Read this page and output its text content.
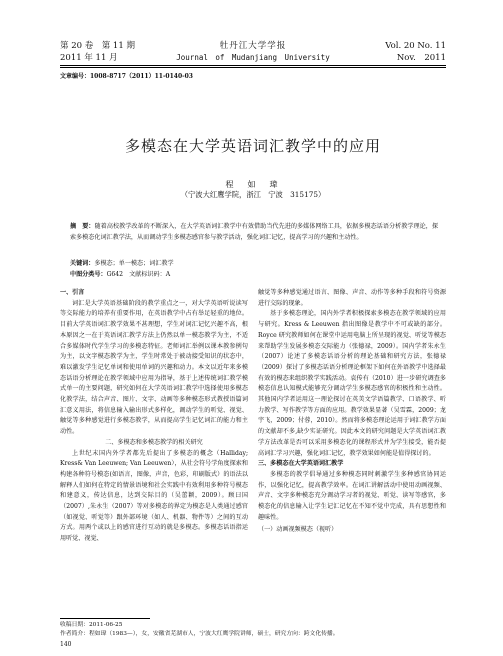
第 20 卷　第 11 期
2011 年 11 月
牡丹江大学学报
Journal　of　Mudanjiang　University
Vol. 20 No. 11
Nov.　2011
文章编号：1008-8717（2011）11-0140-03
多模态在大学英语词汇教学中的应用
程　如　瑋
（宁波大红鹰学院，浙江　宁波　315175）
摘　要：随着高校教学改革的不断深入，在大学英语词汇教学中有效借助当代先进的多媒体网络工具，依据多模态话语分析教学理论，探索多模态化词汇教学法，从而调动学生多模态感官参与教学活动，强化词汇记忆，提高学习的兴趣和主动性。
关键词：多模态；单一模态；词汇教学
中图分类号：G642　文献标识码：A

一、引言

词汇是大学英语基础阶段的教学重点之一，对大学英语听说读写等交际能力的培养有重要作用，在英语教学中占有举足轻重的地位。目前大学英语词汇教学效果不甚理想，学生对词汇记忆兴趣不高，根本原因之一在于英语词汇教学方法上仍然以单一模态教学为主，不适合多媒体时代学生学习的多模态特征。老师词汇举例以课本教参例句为主，以文字模态教学为主，学生时常处于被动接受知识的状态中，难以激发学生记忆单词和使用单词的兴趣和动力。本文以近年来多模态话语分析理论在教学领域中应用为指导，基于上述传统词汇教学模式单一的主要问题，研究如何在大学英语词汇教学中选择使用多模态化教学法，结合声音、图片、文字、动画等多种模态形式教授语篇词汇意义用法，将信息输入输出形式多样化，调动学生的听觉、视觉、触觉等多种感觉进行多模态教学，从而提高学生记忆词汇的能力和主动性。

二、多模态和多模态教学的相关研究

上世纪末国内外学者都先后提出了多模态的概念（Halliday; Kress& Van Leeuwen; Van Leeuwen），从社会符号学角度探索和构建各种符号模态(如语言，图像，声音，色彩，印刷版式）的语法以解释人们如何在特定的情景语境和社会实践中有效利用多种符号模态和建意义，传达信息，达到交际目的（吴蕾颖，2009）。顾曰国（2007）,朱永生（2007）等对多模态的界定为模态是人类通过感官（如视觉、听觉等）跟外部环境（如人、机器、物件等）之间的互动方式。用两个或以上的感官进行互动的就是多模态。多模态话语指运用听觉、视觉、

触觉等多种感觉通过语言、图像、声音、动作等多种手段和符号资源进行交际的现象。

基于多模态理论，国内外学者积极探索多模态在教学领域的应用与研究。Kress & Leeuwen 指出图像是教学中不可或缺的部分。Royce 研究教师如何在课堂中运用电脑上所呈现的视觉、听觉等模态来帮助学生发展多模态交际能力（张德禄，2009）。国内学者朱永生（2007）论述了多模态话语分析的理论基础和研究方法，张德禄（2009）探讨了多模态话语分析理论框架下如何在外语教学中选择最有效的模态来组织教学实践活动。袁传有（2010）进一步研究调查多模态信息认知模式能够充分调动学生多模态感官的积极性和主动性。其他国内学者运用这一理论探讨在英美文学语篇教学、口语教学、听力教学、写作教学等方面的应用。教学效果显著（吴雪霖，2009；龙宇飞，2009；付蓉，2010）。然而将多模态理论运用于词汇教学方面的文献却不多,缺少实证研究。因此本文的研究问题是大学英语词汇教学方法改革是否可以采用多模态化的课程形式并为学生接受，能否提高词汇学习兴趣，强化词汇记忆，教学效果如何能是值得探讨的。

三、多模态在大学英语词汇教学

多模态的教学倡导通过多种模态同时刺激学生多种感官协同运作，以强化记忆，提高教学效率。在词汇讲解活动中使用动画视频、声音、文字多种模态充分调动学习者的视觉、听觉、读写等感官，多模态化的信息输入让学生记汇记忆在不知不觉中完成，具有思想性和趣味性。

（一）动画视频模态（视听）

收稿日期：2011-06-25
作者简介：程如瑋（1983—），女，安徽省芜湖市人，宁波大红鹰学院讲师，硕士，研究方向：跨文化传播。
140
